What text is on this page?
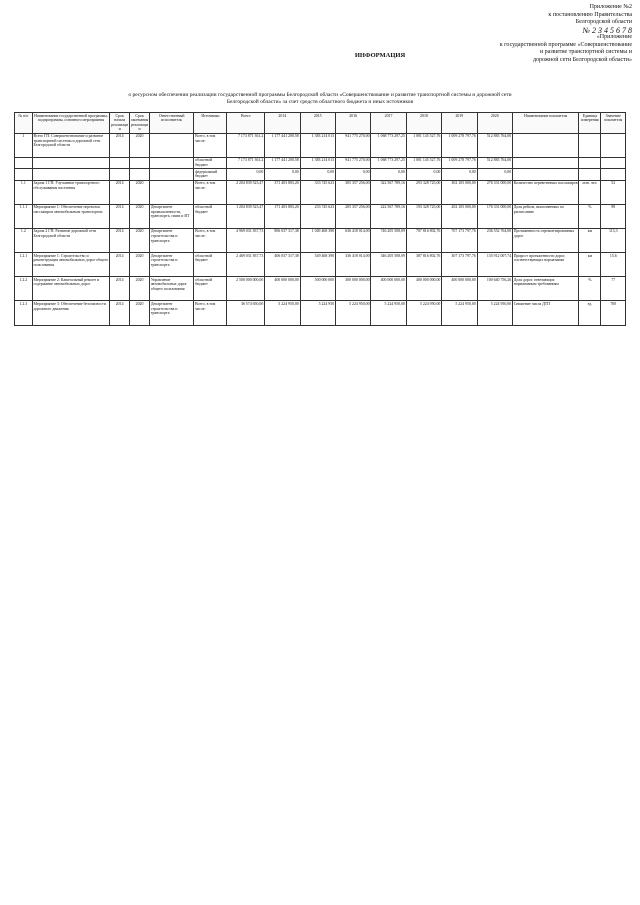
Приложение №2
к постановлению Правительства
Белгородской области
№ 2 3 4 5 6 7 8
«Приложение
к государственной программе «Совершенствование
и развитие транспортной системы и
дорожной сети Белгородской области»
ИНФОРМАЦИЯ
о ресурсном обеспечении реализации государственной программы Белгородской области «Совершенствование и развитие транспортной системы и дорожной сети Белгородской области» за счет средств областного бюджета и иных источников
№ п/п	Наименование государственной программы, подпрограммы, основного мероприятия	Срок начала реализации	Срок окончания реализации	Ответственный исполнитель	Источники	Всего	2014	2015	2016	2017	2018	2019	2020	Наименование показателя	Единица измерения	Значение показателя
1	Всего ГП: Совершенствование и развитие транспортной системы и дорожной сети Белгородской области	2014	2020		Всего, в том числе:	7 173 871 361,2	1 177 441 200,58	1 383 214 013	941 775 270,00	1 068 773 297,25	1 081 145 527,76	1 009 278 797,76	512 883 764,00			
					областной бюджет	7 173 871 361,2	1 177 441 200,58	1 383 214 013	941 775 270,00	1 068 773 297,25	1 081 145 527,76	1 009 278 797,76	512 883 764,00			
					федеральный бюджет	0,00	0,00	0,00	0,00	0,00	0,00	0,00	0,00			
1.1	Задача 1 ГП: Улучшение транспортного обслуживания населения	2014	2020		Всего, в том числе:	2 204 839 523,47	371 403 883,20	333 745 623	305 357 256,00	322 567 789,16	293 328 725,00	302 105 000,00	276 331 000,00	Количество перевезенных пассажиров	млн. чел.	52
1.1.1	Мероприятие 1: Обеспечение перевозок пассажиров автомобильным транспортом	2014	2020	Департамент промышленности, транспорта, связи и ИТ	областной бюджет	1 204 839 523,47	171 403 883,20	233 745 623	205 357 256,00	222 567 789,16	193 328 725,00	202 105 000,00	176 331 000,00	Доля рейсов, выполненных по расписанию	%	98
1.2	Задача 2 ГП: Развитие дорожной сети Белгородской области	2014	2020	Департамент строительства и транспорта	Всего, в том числе:	4 969 031 837,73	806 037 317,38	1 049 468 390	636 418 014,00	746 205 508,09	787 816 802,76	707 173 797,76	236 552 764,00	Протяженность отремонтированных дорог	км	113,3
1.2.1	Мероприятие 1: Строительство и реконструкция автомобильных дорог общего пользования	2014	2020	Департамент строительства и транспорта	областной бюджет	2 469 031 837,73	406 037 317,38	549 468 390	336 418 014,00	346 205 508,09	387 816 802,76	307 173 797,76	135 912 007,74	Прирост протяженности дорог, соответствующих нормативам	км	15,6
1.2.2	Мероприятие 2: Капитальный ремонт и содержание автомобильных дорог	2014	2020	Управление автомобильных дорог общего пользования	областной бюджет	2 500 000 000,00	400 000 000,00	500 000 000	300 000 000,00	400 000 000,00	400 000 000,00	400 000 000,00	100 640 756,26	Доля дорог, отвечающих нормативным требованиям	%	77
1.2.3	Мероприятие 3: Обеспечение безопасности дорожного движения	2014	2020	Департамент строительства и транспорта	Всего, в том числе:	36 574 650,00	5 224 950,00	5 224 950	5 224 950,00	5 224 950,00	5 224 950,00	5 224 950,00	5 224 950,00	Снижение числа ДТП	ед.	700
